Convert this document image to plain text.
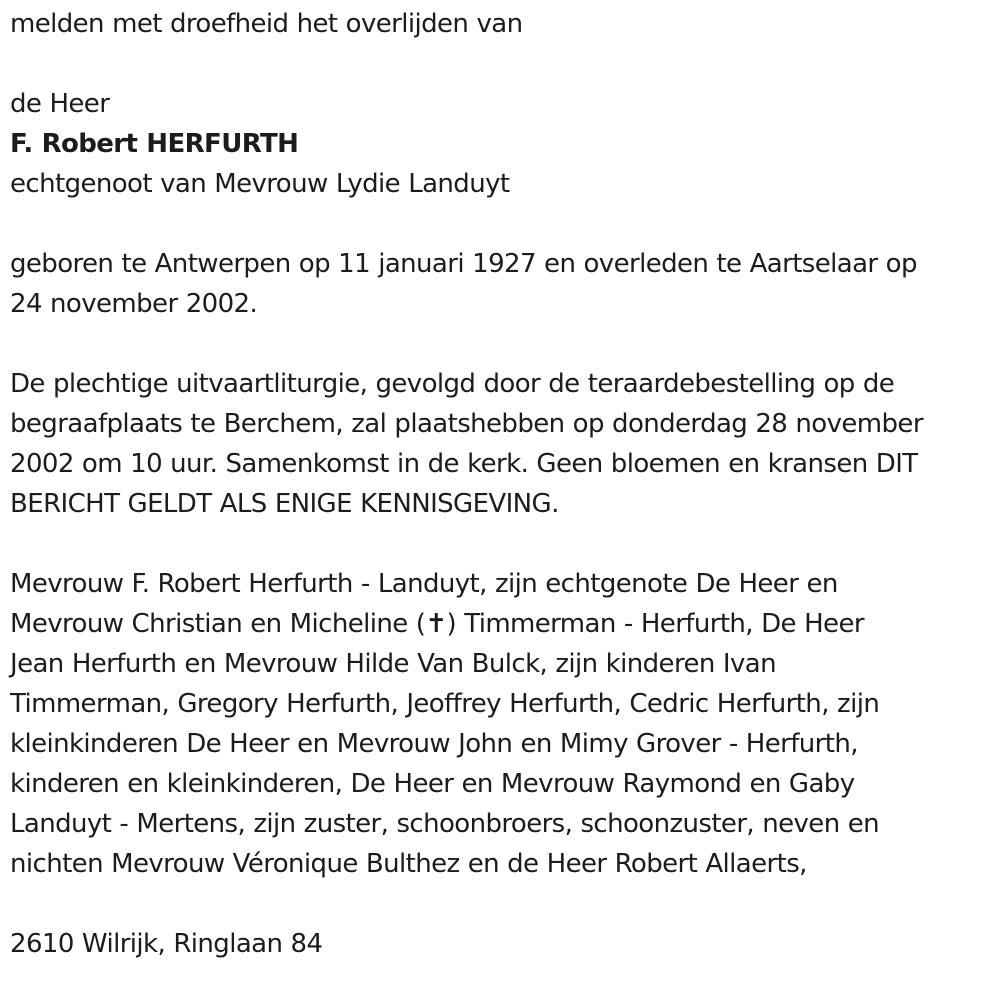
melden met droefheid het overlijden van
de Heer
F. Robert HERFURTH
echtgenoot van Mevrouw Lydie Landuyt
geboren te Antwerpen op 11 januari 1927 en overleden te Aartselaar op
24 november 2002.
De plechtige uitvaartliturgie, gevolgd door de teraardebestelling op de
begraafplaats te Berchem, zal plaatshebben op donderdag 28 november
2002 om 10 uur. Samenkomst in de kerk. Geen bloemen en kransen DIT
BERICHT GELDT ALS ENIGE KENNISGEVING.
Mevrouw F. Robert Herfurth - Landuyt, zijn echtgenote De Heer en
Mevrouw Christian en Micheline (✝) Timmerman - Herfurth, De Heer
Jean Herfurth en Mevrouw Hilde Van Bulck, zijn kinderen Ivan
Timmerman, Gregory Herfurth, Jeoffrey Herfurth, Cedric Herfurth, zijn
kleinkinderen De Heer en Mevrouw John en Mimy Grover - Herfurth,
kinderen en kleinkinderen, De Heer en Mevrouw Raymond en Gaby
Landuyt - Mertens, zijn zuster, schoonbroers, schoonzuster, neven en
nichten Mevrouw Véronique Bulthez en de Heer Robert Allaerts,
2610 Wilrijk, Ringlaan 84
